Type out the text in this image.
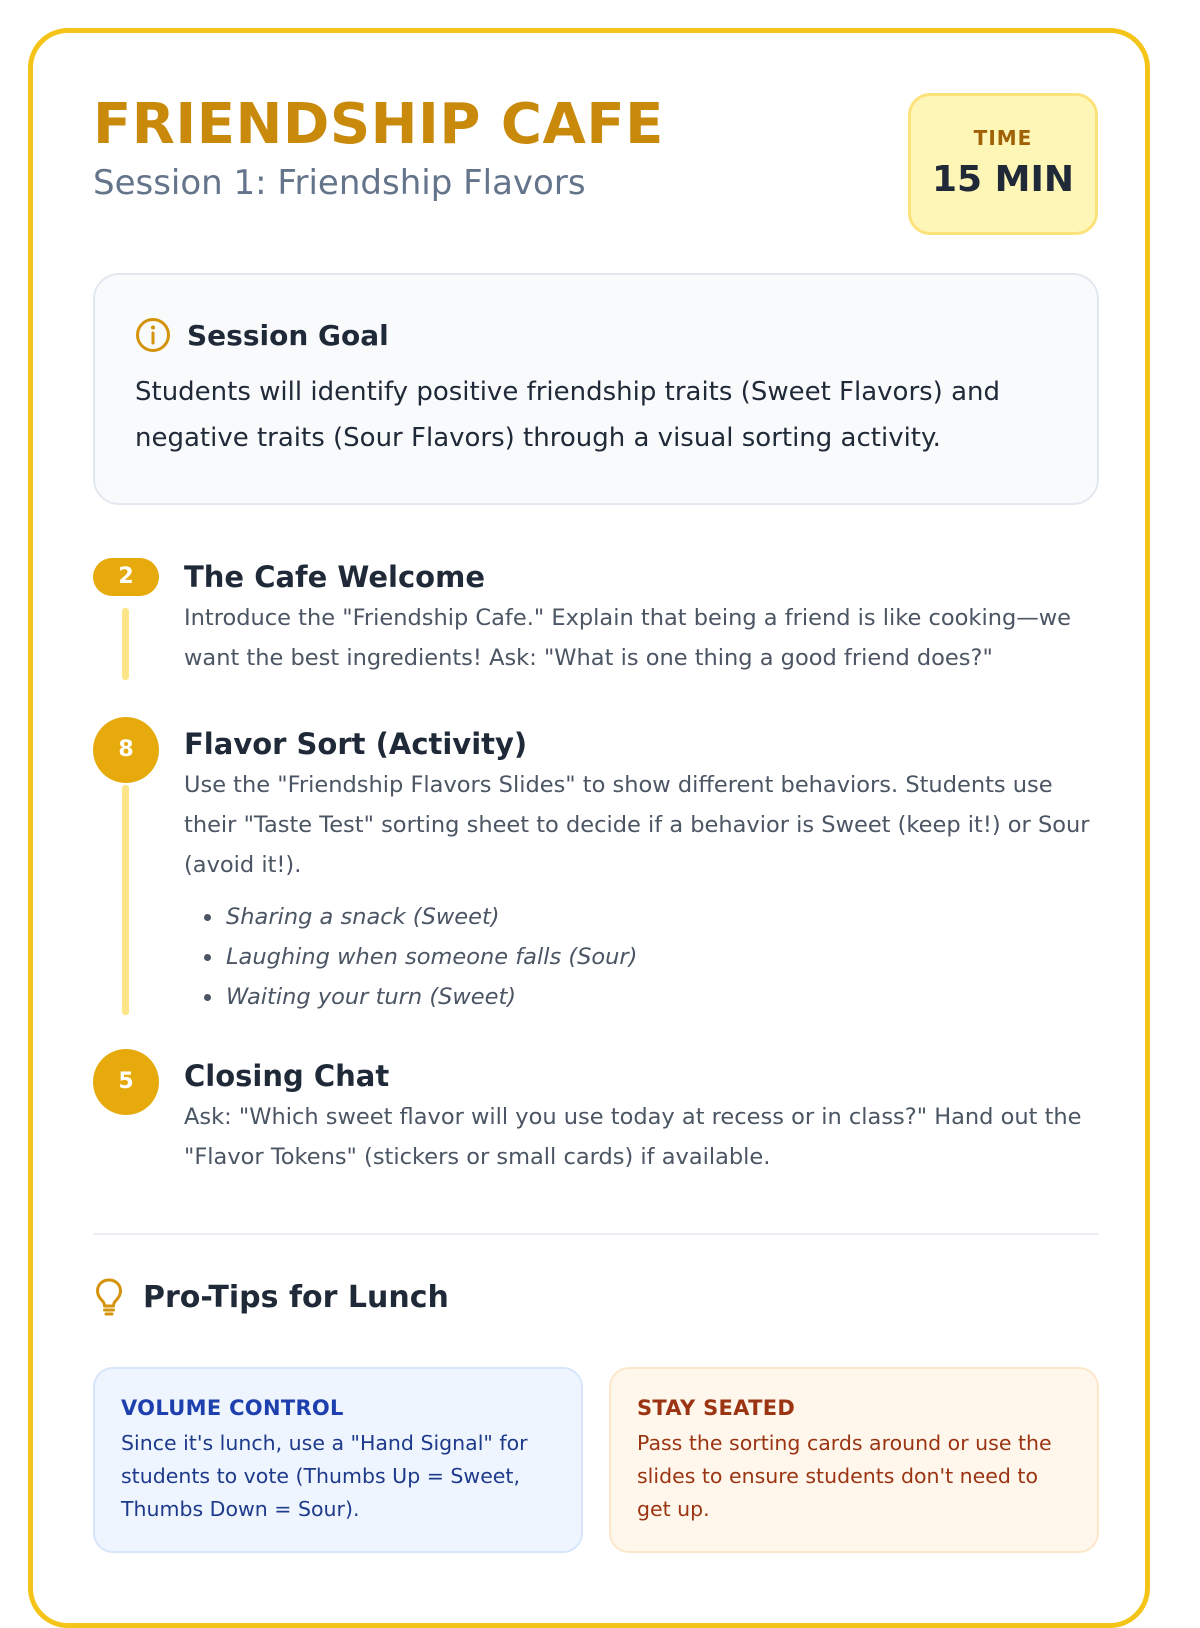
FRIENDSHIP CAFE
Session 1: Friendship Flavors
TIME
15 MIN
Session Goal
Students will identify positive friendship traits (Sweet Flavors) and negative traits (Sour Flavors) through a visual sorting activity.
2	The Cafe Welcome
Introduce the "Friendship Cafe." Explain that being a friend is like cooking—we want the best ingredients! Ask: "What is one thing a good friend does?"
8	Flavor Sort (Activity)
Use the "Friendship Flavors Slides" to show different behaviors. Students use their "Taste Test" sorting sheet to decide if a behavior is Sweet (keep it!) or Sour (avoid it!).
• Sharing a snack (Sweet)
• Laughing when someone falls (Sour)
• Waiting your turn (Sweet)
5	Closing Chat
Ask: "Which sweet flavor will you use today at recess or in class?" Hand out the "Flavor Tokens" (stickers or small cards) if available.
Pro-Tips for Lunch
VOLUME CONTROL
Since it's lunch, use a "Hand Signal" for students to vote (Thumbs Up = Sweet, Thumbs Down = Sour).
STAY SEATED
Pass the sorting cards around or use the slides to ensure students don't need to get up.
